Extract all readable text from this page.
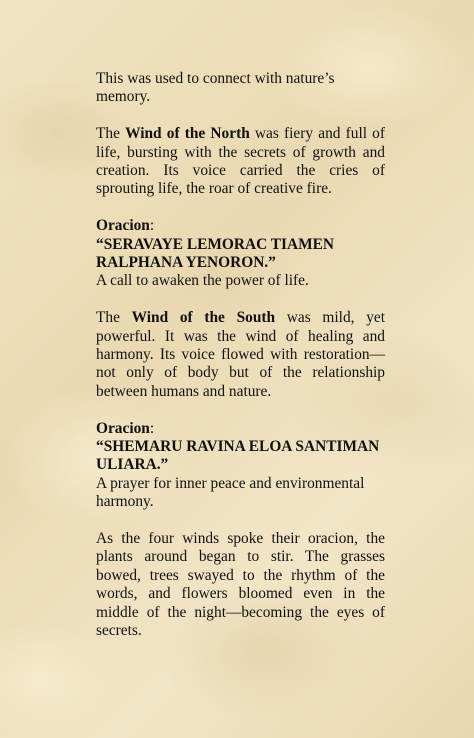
This was used to connect with nature’s memory.

The Wind of the North was fiery and full of life, bursting with the secrets of growth and creation. Its voice carried the cries of sprouting life, the roar of creative fire.

Oracion:
“SERAVAYE LEMORAC TIAMEN RALPHANA YENORON.”
A call to awaken the power of life.

The Wind of the South was mild, yet powerful. It was the wind of healing and harmony. Its voice flowed with restoration—not only of body but of the relationship between humans and nature.

Oracion:
“SHEMARU RAVINA ELOA SANTIMAN ULIARA.”
A prayer for inner peace and environmental harmony.

As the four winds spoke their oracion, the plants around began to stir. The grasses bowed, trees swayed to the rhythm of the words, and flowers bloomed even in the middle of the night—becoming the eyes of secrets.
